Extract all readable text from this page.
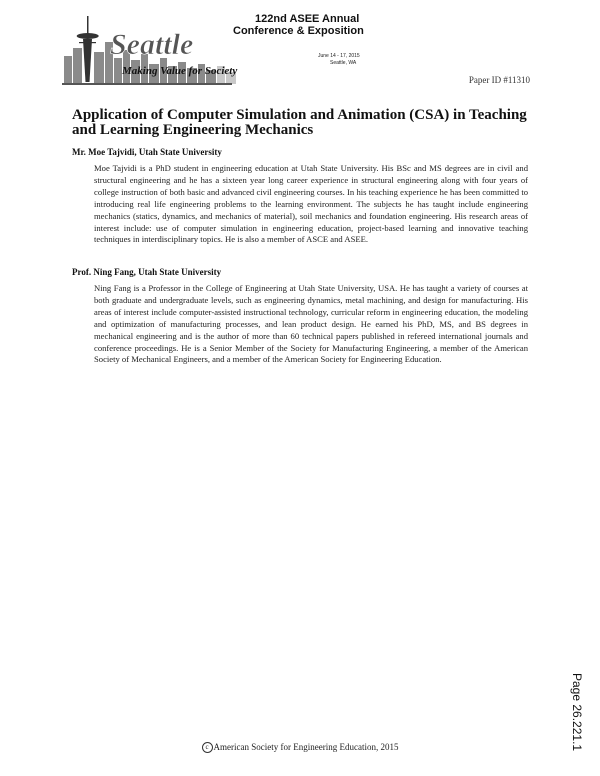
Seattle
Making Value for Society
122nd ASEE Annual
Conference & Exposition
June 14 - 17, 2015
Seattle, WA
Paper ID #11310
Application of Computer Simulation and Animation (CSA) in Teaching and Learning Engineering Mechanics
Mr. Moe Tajvidi, Utah State University
Moe Tajvidi is a PhD student in engineering education at Utah State University. His BSc and MS degrees are in civil and structural engineering and he has a sixteen year long career experience in structural engineering along with four years of college instruction of both basic and advanced civil engineering courses. In his teaching experience he has been committed to introducing real life engineering problems to the learning environment. The subjects he has taught include engineering mechanics (statics, dynamics, and mechanics of material), soil mechanics and foundation engineering. His research areas of interest include: use of computer simulation in engineering education, project-based learning and innovative teaching techniques in interdisciplinary topics. He is also a member of ASCE and ASEE.
Prof. Ning Fang, Utah State University
Ning Fang is a Professor in the College of Engineering at Utah State University, USA. He has taught a variety of courses at both graduate and undergraduate levels, such as engineering dynamics, metal machining, and design for manufacturing. His areas of interest include computer-assisted instructional technology, curricular reform in engineering education, the modeling and optimization of manufacturing processes, and lean product design. He earned his PhD, MS, and BS degrees in mechanical engineering and is the author of more than 60 technical papers published in refereed international journals and conference proceedings. He is a Senior Member of the Society for Manufacturing Engineering, a member of the American Society of Mechanical Engineers, and a member of the American Society for Engineering Education.
Page 26.221.1
c American Society for Engineering Education, 2015
